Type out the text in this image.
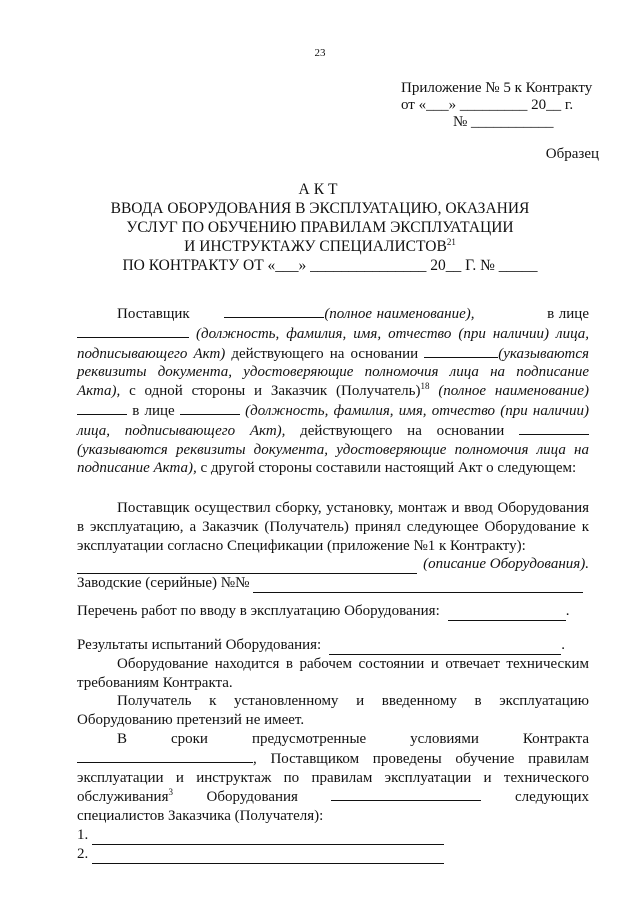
23
Приложение № 5 к Контракту
от «___» _________ 20__ г.
№ ___________
Образец
АКТ
ВВОДА ОБОРУДОВАНИЯ В ЭКСПЛУАТАЦИЮ, ОКАЗАНИЯ
УСЛУГ ПО ОБУЧЕНИЮ ПРАВИЛАМ ЭКСПЛУАТАЦИИ
И ИНСТРУКТАЖУ СПЕЦИАЛИСТОВ$^{21}$
ПО КОНТРАКТУ ОТ «___» _______________ 20__ Г. № _____

Поставщик	(полное наименование),	в лице  (должность, фамилия, имя, отчество (при наличии) лица, подписывающего Акт) действующего на основании	(указываются реквизиты документа, удостоверяющие полномочия лица на подписание Акта), с одной стороны и Заказчик (Получатель)$^{18}$ (полное наименование) в лице	(должность, фамилия, имя, отчество (при наличии) лица, подписывающего Акт), действующего на основании (указываются реквизиты документа, удостоверяющие полномочия лица на подписание Акта), с другой стороны составили настоящий Акт о следующем:

Поставщик осуществил сборку, установку, монтаж и ввод Оборудования в эксплуатацию, а Заказчик (Получатель) принял следующее Оборудование к эксплуатации согласно Спецификации (приложение №1 к Контракту):

(описание Оборудования).

Заводские (серийные) №№

Перечень работ по вводу в эксплуатацию Оборудования:	.

Результаты испытаний Оборудования:	.

Оборудование находится в рабочем состоянии и отвечает техническим требованиям Контракта.

Получатель к установленному и введенному в эксплуатацию Оборудованию претензий не имеет.

В сроки предусмотренные условиями Контракта , Поставщиком проведены обучение правилам эксплуатации и инструктаж по правилам эксплуатации и технического обслуживания$^3$ Оборудования	следующих специалистов Заказчика (Получателя):

1.

2.
